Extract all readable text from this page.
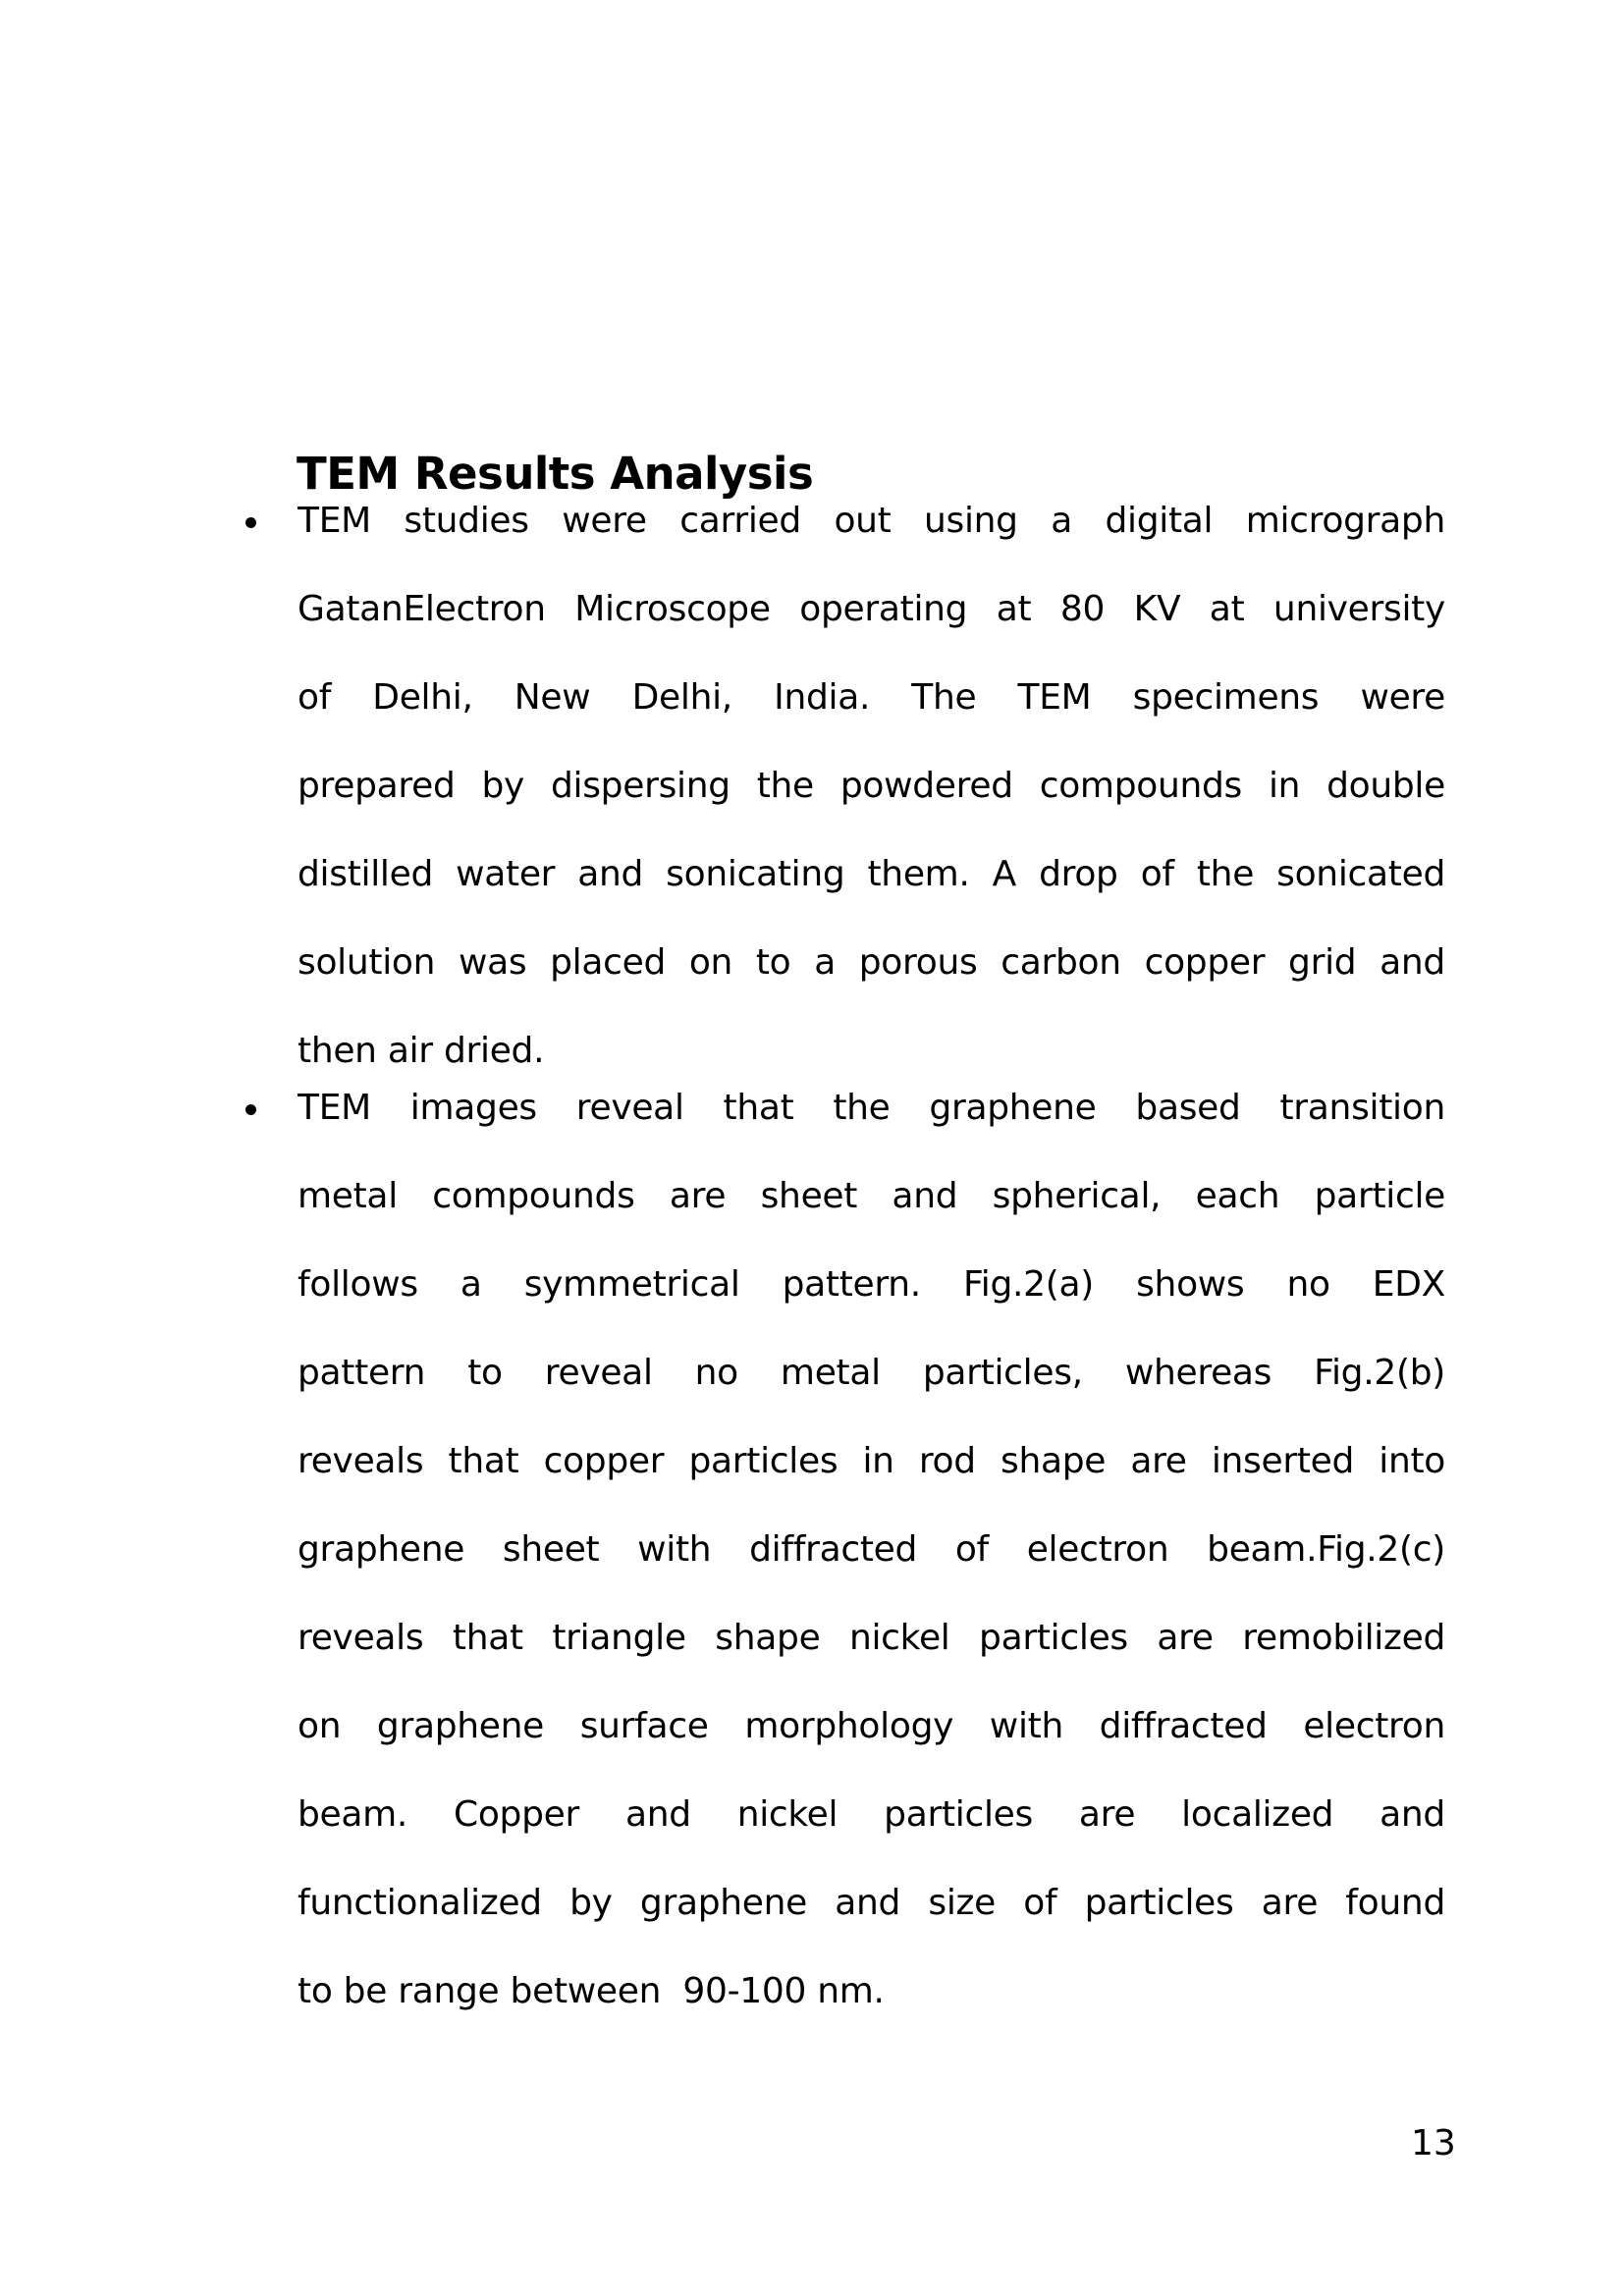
TEM Results Analysis
TEM studies were carried out using a digital micrograph
GatanElectron Microscope operating at 80 KV at university
of Delhi, New Delhi, India. The TEM specimens were
prepared by dispersing the powdered compounds in double
distilled water and sonicating them. A drop of the sonicated
solution was placed on to a porous carbon copper grid and
then air dried.
TEM images reveal that the graphene based transition
metal compounds are sheet and spherical, each particle
follows a symmetrical pattern. Fig.2(a) shows no EDX
pattern to reveal no metal particles, whereas Fig.2(b)
reveals that copper particles in rod shape are inserted into
graphene sheet with diffracted of electron beam.Fig.2(c)
reveals that triangle shape nickel particles are remobilized
on graphene surface morphology with diffracted electron
beam. Copper and nickel particles are localized and
functionalized by graphene and size of particles are found
to be range between  90-100 nm.
13
